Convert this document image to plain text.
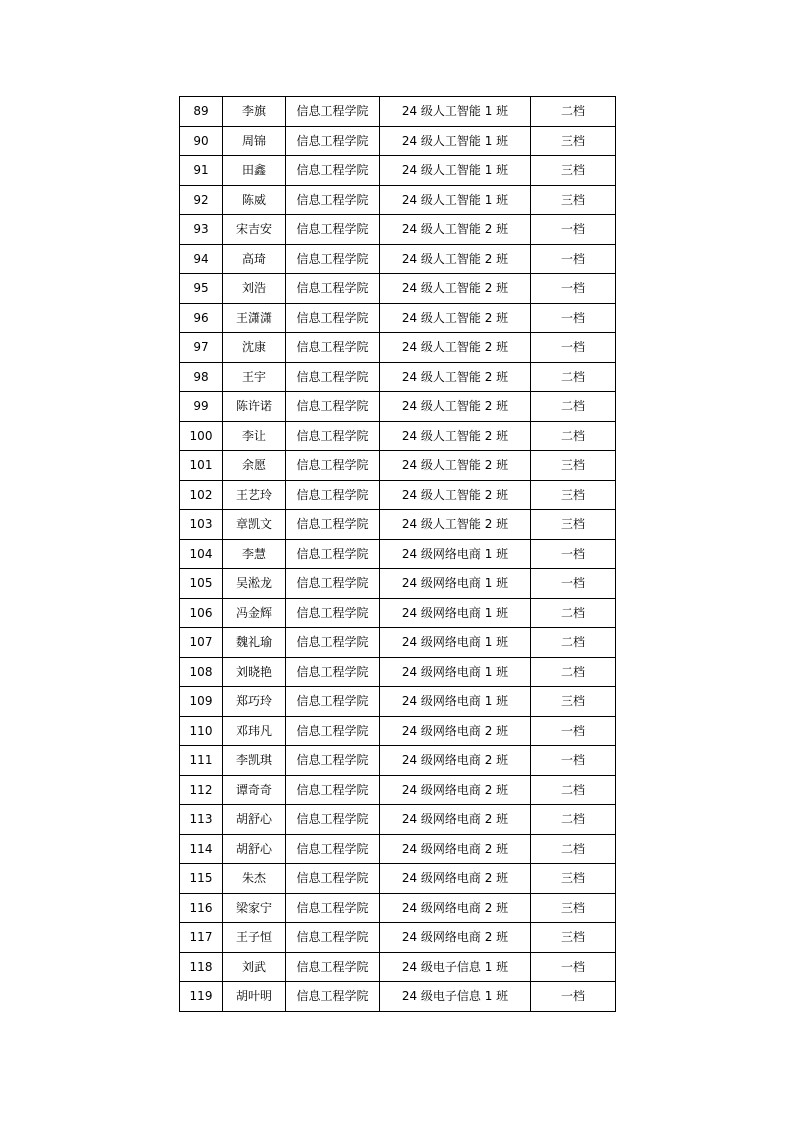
89	李旗	信息工程学院	24 级人工智能 1 班	二档
90	周锦	信息工程学院	24 级人工智能 1 班	三档
91	田鑫	信息工程学院	24 级人工智能 1 班	三档
92	陈威	信息工程学院	24 级人工智能 1 班	三档
93	宋吉安	信息工程学院	24 级人工智能 2 班	一档
94	高琦	信息工程学院	24 级人工智能 2 班	一档
95	刘浩	信息工程学院	24 级人工智能 2 班	一档
96	王潇潇	信息工程学院	24 级人工智能 2 班	一档
97	沈康	信息工程学院	24 级人工智能 2 班	一档
98	王宇	信息工程学院	24 级人工智能 2 班	二档
99	陈许诺	信息工程学院	24 级人工智能 2 班	二档
100	李让	信息工程学院	24 级人工智能 2 班	二档
101	余愿	信息工程学院	24 级人工智能 2 班	三档
102	王艺玲	信息工程学院	24 级人工智能 2 班	三档
103	章凯文	信息工程学院	24 级人工智能 2 班	三档
104	李慧	信息工程学院	24 级网络电商 1 班	一档
105	吴淞龙	信息工程学院	24 级网络电商 1 班	一档
106	冯金辉	信息工程学院	24 级网络电商 1 班	二档
107	魏礼瑜	信息工程学院	24 级网络电商 1 班	二档
108	刘晓艳	信息工程学院	24 级网络电商 1 班	二档
109	郑巧玲	信息工程学院	24 级网络电商 1 班	三档
110	邓玮凡	信息工程学院	24 级网络电商 2 班	一档
111	李凯琪	信息工程学院	24 级网络电商 2 班	一档
112	谭奇奇	信息工程学院	24 级网络电商 2 班	二档
113	胡舒心	信息工程学院	24 级网络电商 2 班	二档
114	胡舒心	信息工程学院	24 级网络电商 2 班	二档
115	朱杰	信息工程学院	24 级网络电商 2 班	三档
116	梁家宁	信息工程学院	24 级网络电商 2 班	三档
117	王子恒	信息工程学院	24 级网络电商 2 班	三档
118	刘武	信息工程学院	24 级电子信息 1 班	一档
119	胡叶明	信息工程学院	24 级电子信息 1 班	一档
